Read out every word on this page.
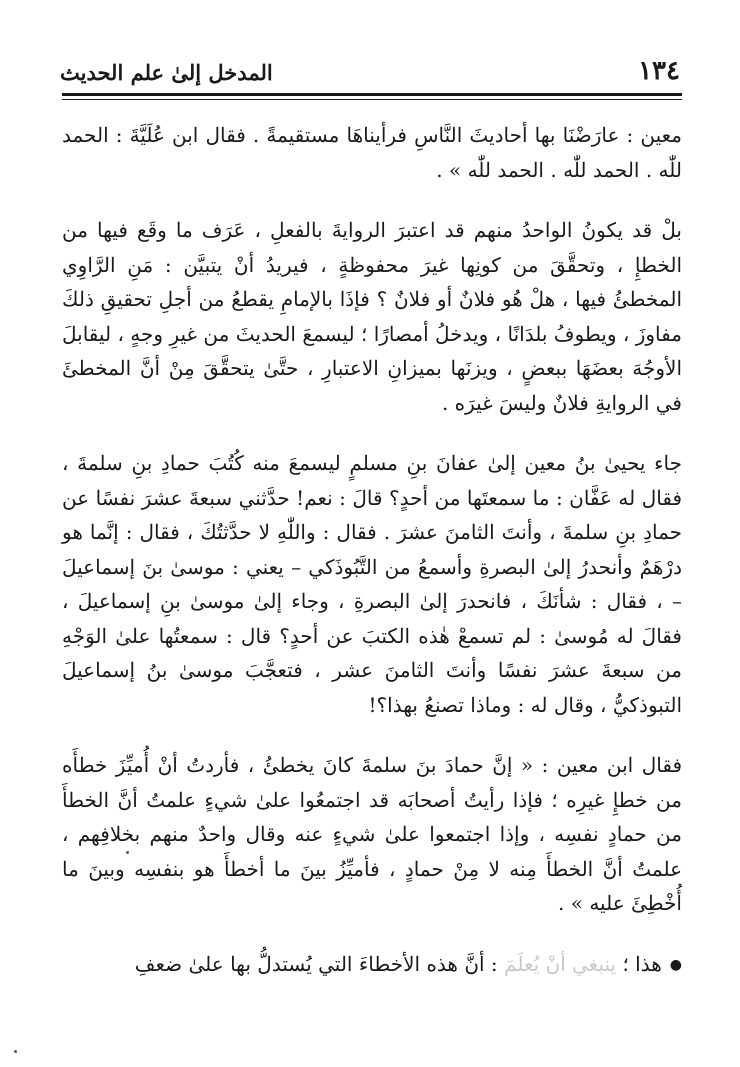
١٣٤
المدخل إلىٰ علم الحديث

معين : عارَضْنَا بها أحاديثَ النَّاسِ فرأيناهَا مستقيمةً . فقال ابن عُلَيَّةَ : الحمد للّٰه . الحمد للّٰه . الحمد للّٰه » .

بلْ قد يكونُ الواحدُ منهم قد اعتبرَ الروايةَ بالفعلِ ، عَرَف ما وقَع فيها من الخطإِ ، وتحقَّقَ من كونِها غيرَ محفوظةٍ ، فيريدُ أنْ يتبيَّن : مَنِ الرَّاوِي المخطئُ فيها ، هلْ هُو فلانٌ أو فلانٌ ؟ فإذَا بالإمامِ يقطعُ من أجلِ تحقيقِ ذلكَ مفاوزَ ، ويطوفُ بلدَانًا ، ويدخلُ أمصارًا ؛ ليسمعَ الحديثَ من غيرِ وجهٍ ، ليقابلَ الأوجُهَ بعضَهَا ببعضٍ ، ويزنَها بميزانِ الاعتبارِ ، حتَّىٰ يتحقَّقَ مِنْ أنَّ المخطئَ في الروايةِ فلانٌ وليسَ غيرَه .

جاء يحيىٰ بنُ معين إلىٰ عفانَ بنِ مسلمٍ ليسمعَ منه كُتُبَ حمادِ بنِ سلمةَ ، فقال له عَفَّان : ما سمعتَها من أحدٍ؟ قالَ : نعم! حدَّثني سبعةَ عشرَ نفسًا عن حمادِ بنِ سلمةَ ، وأنتَ الثامنَ عشرَ . فقال : واللّٰهِ لا حدَّثتُكَ ، فقال : إنَّما هو درْهَمٌ وأنحدرُ إلىٰ البصرةِ وأسمعُ من التَّبُوذَكي – يعني : موسىٰ بنَ إسماعيلَ – ، فقال : شأنَكَ ، فانحدرَ إلىٰ البصرةِ ، وجاء إلىٰ موسىٰ بنِ إسماعيلَ ، فقالَ له مُوسىٰ : لم تسمعْ هٰذه الكتبَ عن أحدٍ؟ قال : سمعتُها علىٰ الوَجْهِ من سبعةَ عشرَ نفسًا وأنتَ الثامنَ عشر ، فتعجَّبَ موسىٰ بنُ إسماعيلَ التبوذكيُّ ، وقال له : وماذا تصنعُ بهذا؟!

فقال ابن معين : « إنَّ حمادَ بنَ سلمةَ كانَ يخطئُ ، فأردتُ أنْ أُميِّزَ خطأَه من خطإِ غيرِه ؛ فإذا رأيتُ أصحابَه قد اجتمعُوا علىٰ شيءٍ علمتُ أنَّ الخطأَ من حمادٍ نفسِه ، وإذا اجتمعوا علىٰ شيءٍ عنه وقال واحدٌ منهم بخلافِهم ، علمتُ أنَّ الخطأَ مِنه لا مِنْ حمادٍ ، فأميِّزُ بينَ ما أخطأَ هو بنفسِه وبينَ ما أُخْطِئَ عليه » .

●هذا ؛ ينبغي أنْ يُعلَمَ : أنَّ هذه الأخطاءَ التي يُستدلُّ بها علىٰ ضعفِ
